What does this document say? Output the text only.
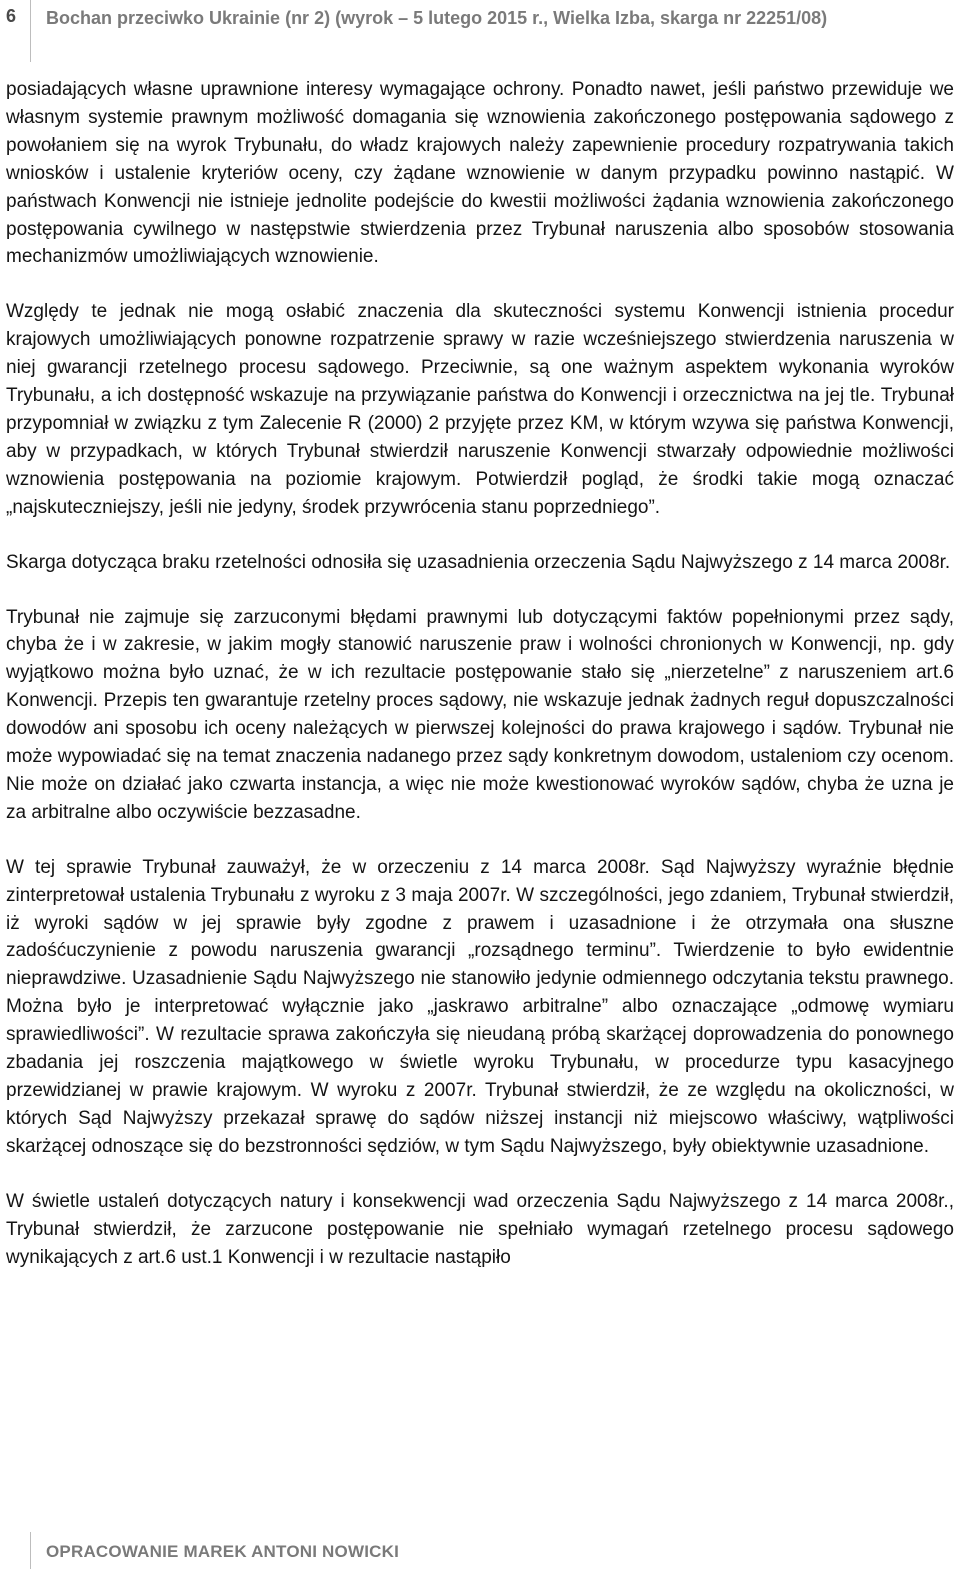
6 Bochan przeciwko Ukrainie (nr 2) (wyrok – 5 lutego 2015 r., Wielka Izba, skarga nr 22251/08)

posiadających własne uprawnione interesy wymagające ochrony. Ponadto nawet, jeśli państwo przewiduje we własnym systemie prawnym możliwość domagania się wznowienia zakończonego postępowania sądowego z powołaniem się na wyrok Trybunału, do władz krajowych należy zapewnienie procedury rozpatrywania takich wniosków i ustalenie kryteriów oceny, czy żądane wznowienie w danym przypadku powinno nastąpić. W państwach Konwencji nie istnieje jednolite podejście do kwestii możliwości żądania wznowienia zakończonego postępowania cywilnego w następstwie stwierdzenia przez Trybunał naruszenia albo sposobów stosowania mechanizmów umożliwiających wznowienie.

Względy te jednak nie mogą osłabić znaczenia dla skuteczności systemu Konwencji istnienia procedur krajowych umożliwiających ponowne rozpatrzenie sprawy w razie wcześniejszego stwierdzenia naruszenia w niej gwarancji rzetelnego procesu sądowego. Przeciwnie, są one ważnym aspektem wykonania wyroków Trybunału, a ich dostępność wskazuje na przywiązanie państwa do Konwencji i orzecznictwa na jej tle. Trybunał przypomniał w związku z tym Zalecenie R (2000) 2 przyjęte przez KM, w którym wzywa się państwa Konwencji, aby w przypadkach, w których Trybunał stwierdził naruszenie Konwencji stwarzały odpowiednie możliwości wznowienia postępowania na poziomie krajowym. Potwierdził pogląd, że środki takie mogą oznaczać „najskuteczniejszy, jeśli nie jedyny, środek przywrócenia stanu poprzedniego”.

Skarga dotycząca braku rzetelności odnosiła się uzasadnienia orzeczenia Sądu Najwyższego z 14 marca 2008r.

Trybunał nie zajmuje się zarzuconymi błędami prawnymi lub dotyczącymi faktów popełnionymi przez sądy, chyba że i w zakresie, w jakim mogły stanowić naruszenie praw i wolności chronionych w Konwencji, np. gdy wyjątkowo można było uznać, że w ich rezultacie postępowanie stało się „nierzetelne” z naruszeniem art.6 Konwencji. Przepis ten gwarantuje rzetelny proces sądowy, nie wskazuje jednak żadnych reguł dopuszczalności dowodów ani sposobu ich oceny należących w pierwszej kolejności do prawa krajowego i sądów. Trybunał nie może wypowiadać się na temat znaczenia nadanego przez sądy konkretnym dowodom, ustaleniom czy ocenom. Nie może on działać jako czwarta instancja, a więc nie może kwestionować wyroków sądów, chyba że uzna je za arbitralne albo oczywiście bezzasadne.

W tej sprawie Trybunał zauważył, że w orzeczeniu z 14 marca 2008r. Sąd Najwyższy wyraźnie błędnie zinterpretował ustalenia Trybunału z wyroku z 3 maja 2007r. W szczególności, jego zdaniem, Trybunał stwierdził, iż wyroki sądów w jej sprawie były zgodne z prawem i uzasadnione i że otrzymała ona słuszne zadośćuczynienie z powodu naruszenia gwarancji „rozsądnego terminu”. Twierdzenie to było ewidentnie nieprawdziwe. Uzasadnienie Sądu Najwyższego nie stanowiło jedynie odmiennego odczytania tekstu prawnego. Można było je interpretować wyłącznie jako „jaskrawo arbitralne” albo oznaczające „odmowę wymiaru sprawiedliwości”. W rezultacie sprawa zakończyła się nieudaną próbą skarżącej doprowadzenia do ponownego zbadania jej roszczenia majątkowego w świetle wyroku Trybunału, w procedurze typu kasacyjnego przewidzianej w prawie krajowym. W wyroku z 2007r. Trybunał stwierdził, że ze względu na okoliczności, w których Sąd Najwyższy przekazał sprawę do sądów niższej instancji niż miejscowo właściwy, wątpliwości skarżącej odnoszące się do bezstronności sędziów, w tym Sądu Najwyższego, były obiektywnie uzasadnione.

W świetle ustaleń dotyczących natury i konsekwencji wad orzeczenia Sądu Najwyższego z 14 marca 2008r., Trybunał stwierdził, że zarzucone postępowanie nie spełniało wymagań rzetelnego procesu sądowego wynikających z art.6 ust.1 Konwencji i w rezultacie nastąpiło

OPRACOWANIE MAREK ANTONI NOWICKI
